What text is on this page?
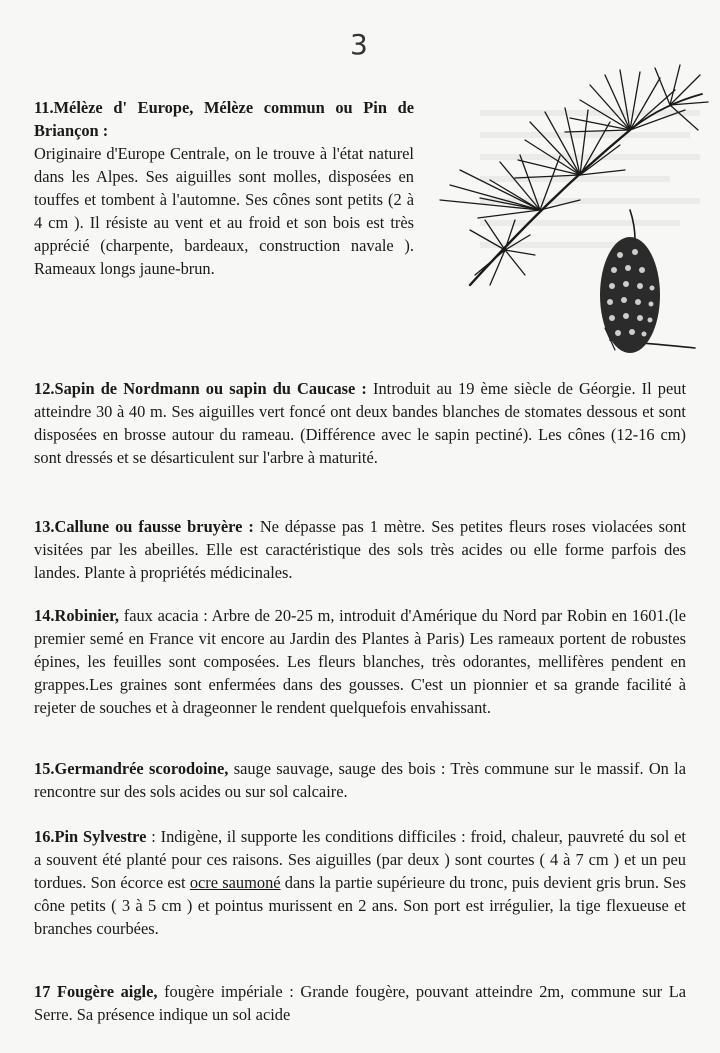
3

11.Mélèze d' Europe, Mélèze commun ou Pin de Briançon :
Originaire d'Europe Centrale, on le trouve à l'état naturel dans les Alpes. Ses aiguilles sont molles, disposées en touffes et tombent à l'automne. Ses cônes sont petits (2 à 4 cm ). Il résiste au vent et au froid et son bois est très apprécié (charpente, bardeaux, construction navale ). Rameaux longs jaune-brun.

12.Sapin de Nordmann ou sapin du Caucase : Introduit au 19 ème siècle de Géorgie. Il peut atteindre 30 à 40 m. Ses aiguilles vert foncé ont deux bandes blanches de stomates dessous et sont disposées en brosse autour du rameau. (Différence avec le sapin pectiné). Les cônes (12-16 cm) sont dressés et se désarticulent sur l'arbre à maturité.

13.Callune ou fausse bruyère : Ne dépasse pas 1 mètre. Ses petites fleurs roses violacées sont visitées par les abeilles. Elle est caractéristique des sols très acides ou elle forme parfois des landes. Plante à propriétés médicinales.

14.Robinier, faux acacia : Arbre de 20-25 m, introduit d'Amérique du Nord par Robin en 1601.(le premier semé en France vit encore au Jardin des Plantes à Paris) Les rameaux portent de robustes épines, les feuilles sont composées. Les fleurs blanches, très odorantes, mellifères pendent en grappes.Les graines sont enfermées dans des gousses. C'est un pionnier et sa grande facilité à rejeter de souches et à drageonner le rendent quelquefois envahissant.

15.Germandrée scorodoine, sauge sauvage, sauge des bois : Très commune sur le massif. On la rencontre sur des sols acides ou sur sol calcaire.

16.Pin Sylvestre : Indigène, il supporte les conditions difficiles : froid, chaleur, pauvreté du sol et a souvent été planté pour ces raisons. Ses aiguilles (par deux ) sont courtes ( 4 à 7 cm ) et un peu tordues. Son écorce est ocre saumoné dans la partie supérieure du tronc, puis devient gris brun. Ses cône petits ( 3 à 5 cm ) et pointus murissent en 2 ans. Son port est irrégulier, la tige flexueuse et branches courbées.

17 Fougère aigle, fougère impériale : Grande fougère, pouvant atteindre 2m, commune sur La Serre. Sa présence indique un sol acide
